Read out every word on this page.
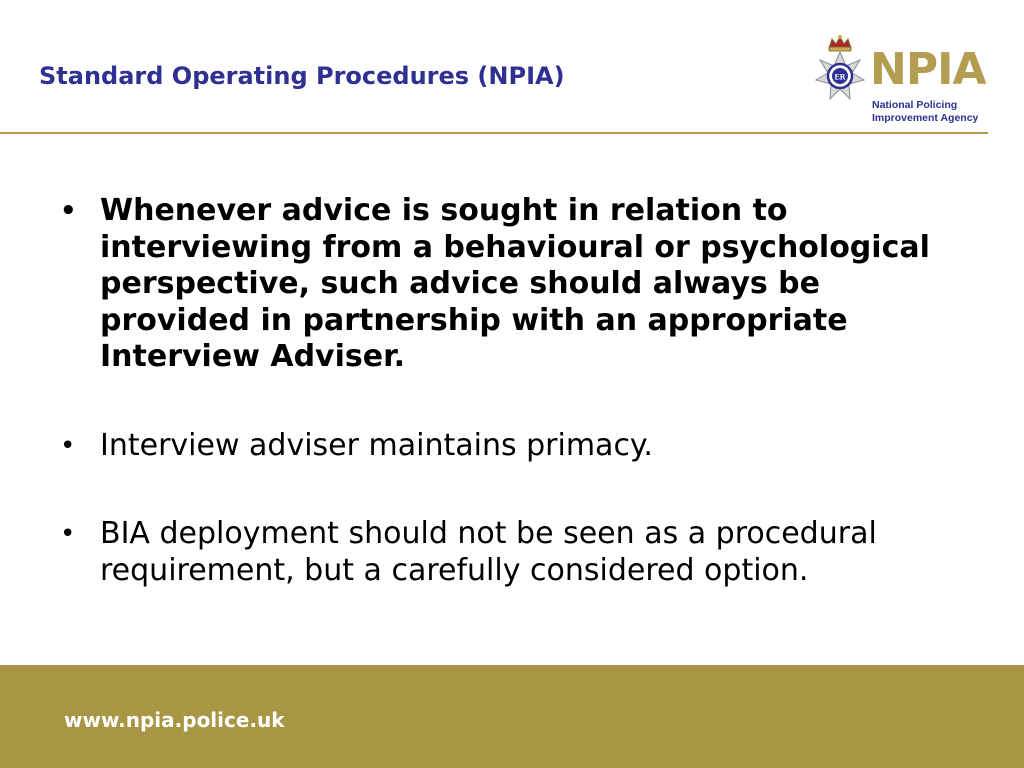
Standard Operating Procedures (NPIA)	ER NPIA
National Policing
Improvement Agency
• Whenever advice is sought in relation to interviewing from a behavioural or psychological perspective, such advice should always be provided in partnership with an appropriate Interview Adviser.
• Interview adviser maintains primacy.
• BIA deployment should not be seen as a procedural requirement, but a carefully considered option.
www.npia.police.uk
